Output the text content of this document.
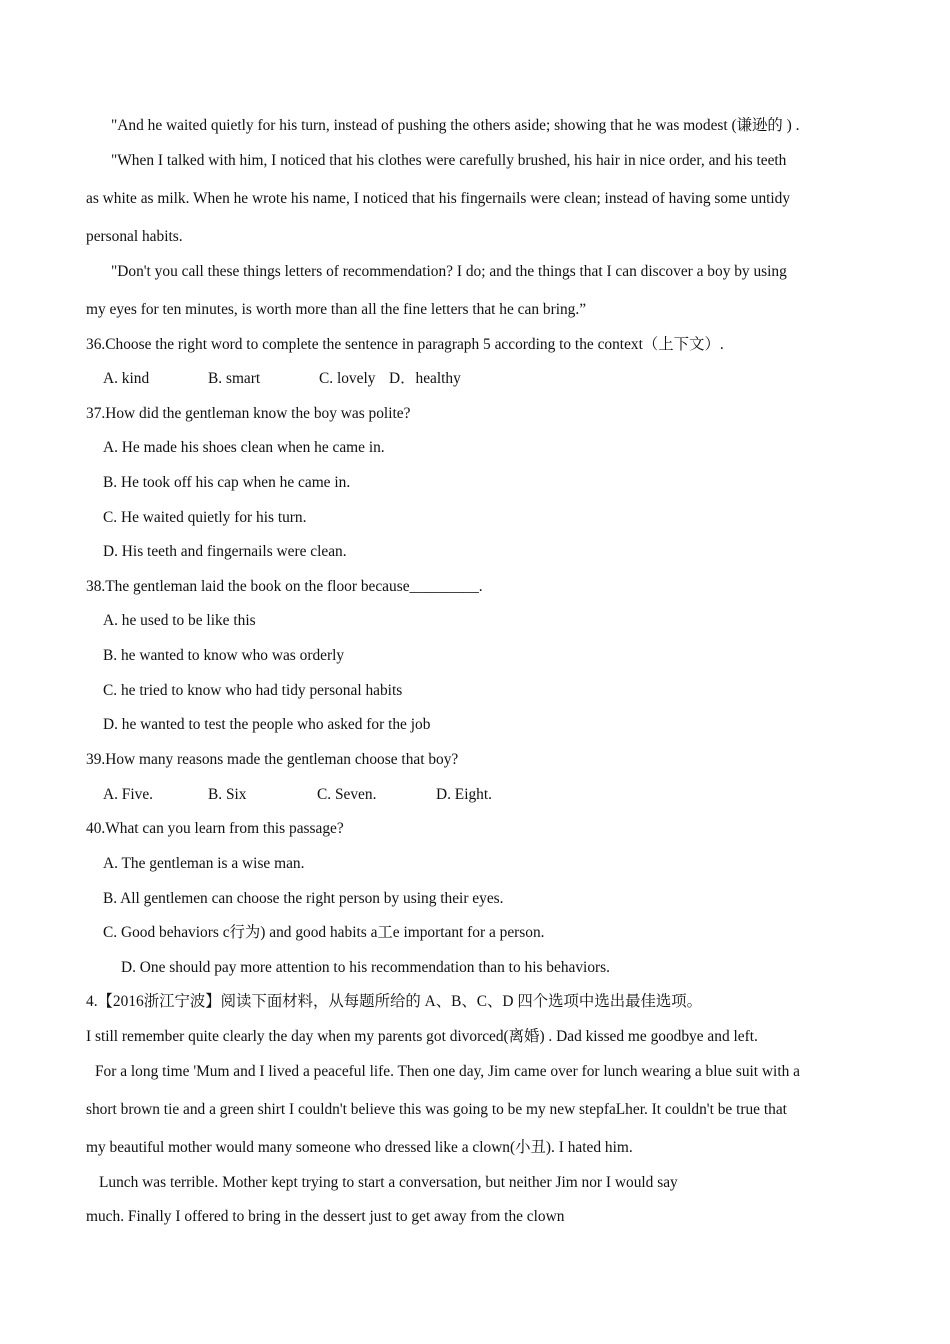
"And he waited quietly for his turn, instead of pushing the others aside; showing that he was modest (谦逊的 ) .
"When I talked with him, I noticed that his clothes were carefully brushed, his hair in nice order, and his teeth
as white as milk. When he wrote his name, I noticed that his fingernails were clean; instead of having some untidy
personal habits.
"Don't you call these things letters of recommendation? I do; and the things that I can discover a boy by using
my eyes for ten minutes, is worth more than all the fine letters that he can bring.”
36.Choose the right word to complete the sentence in paragraph 5 according to the context（上下文）.
A. kind	B. smart	C. lovely D．healthy
37.How did the gentleman know the boy was polite?
A. He made his shoes clean when he came in.
B. He took off his cap when he came in.
C. He waited quietly for his turn.
D. His teeth and fingernails were clean.
38.The gentleman laid the book on the floor because_________.
A. he used to be like this
B. he wanted to know who was orderly
C. he tried to know who had tidy personal habits
D. he wanted to test the people who asked for the job
39.How many reasons made the gentleman choose that boy?
A. Five.	B. Six	C. Seven.	D. Eight.
40.What can you learn from this passage?
A. The gentleman is a wise man.
B. All gentlemen can choose the right person by using their eyes.
C. Good behaviors c行为) and good habits a工e important for a person.
D. One should pay more attention to his recommendation than to his behaviors.
4.【2016浙江宁波】阅读下面材料，从每题所给的 A、B、C、D 四个选项中选出最佳选项。
I still remember quite clearly the day when my parents got divorced(离婚) . Dad kissed me goodbye and left.
For a long time 'Mum and I lived a peaceful life. Then one day, Jim came over for lunch wearing a blue suit with a
short brown tie and a green shirt I couldn't believe this was going to be my new stepfaLher. It couldn't be true that
my beautiful mother would many someone who dressed like a clown(小丑). I hated him.
Lunch was terrible. Mother kept trying to start a conversation, but neither Jim nor I would say
much. Finally I offered to bring in the dessert just to get away from the clown
